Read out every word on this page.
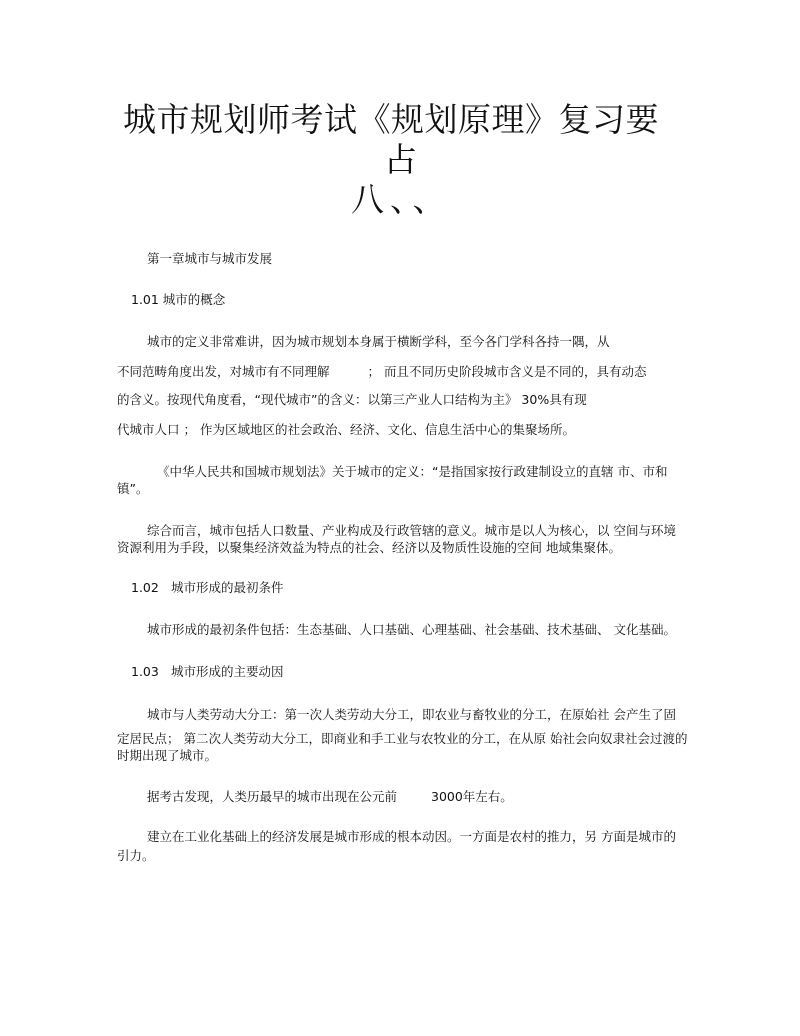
城市规划师考试《规划原理》复习要
占
八、、
第一章城市与城市发展
1.01 城市的概念
城市的定义非常难讲，因为城市规划本身属于横断学科，至今各门学科各持一隅，从
不同范畴角度出发，对城市有不同理解	； 而且不同历史阶段城市含义是不同的，具有动态
的含义。按现代角度看，“现代城市”的含义：以第三产业人口结构为主》 30%具有现
代城市人口 ； 作为区域地区的社会政治、经济、文化、信息生活中心的集聚场所。
《中华人民共和国城市规划法》关于城市的定义：“是指国家按行政建制设立的直辖 市、市和
镇”。
综合而言，城市包括人口数量、产业构成及行政管辖的意义。城市是以人为核心，以 空间与环境
资源利用为手段，以聚集经济效益为特点的社会、经济以及物质性设施的空间 地域集聚体。
1.02 城市形成的最初条件
城市形成的最初条件包括：生态基础、人口基础、心理基础、社会基础、技术基础、 文化基础。
1.03 城市形成的主要动因
城市与人类劳动大分工：第一次人类劳动大分工，即农业与畜牧业的分工，在原始社 会产生了固
定居民点； 第二次人类劳动大分工，即商业和手工业与农牧业的分工，在从原 始社会向奴隶社会过渡的
时期出现了城市。
据考古发现，人类历最早的城市出现在公元前	3000年左右。
建立在工业化基础上的经济发展是城市形成的根本动因。一方面是农村的推力，另 方面是城市的
引力。
